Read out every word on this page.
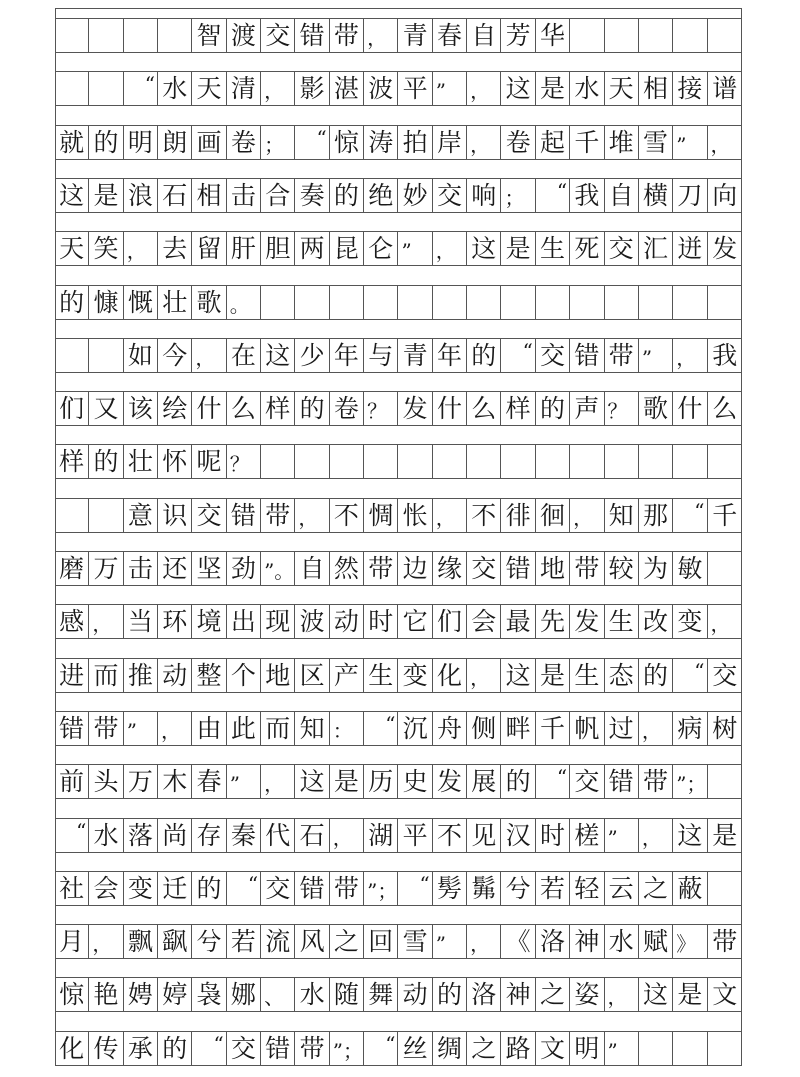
智 渡 交 错 带 ， 青 春 自 芳 华
“ 水 天 清 ， 影 湛 波 平 ”	， 这 是 水 天 相 接 谱
就 的 明 朗 画 卷 ；	“ 惊 涛 拍 岸 ， 卷 起 千 堆 雪 ”	，
这 是 浪 石 相 击 合 奏 的 绝 妙 交 响 ；	“ 我 自 横 刀 向
天 笑 ， 去 留 肝 胆 两 昆 仑 ”	， 这 是 生 死 交 汇 迸 发
的 慷 慨 壮 歌 。
如 今 ， 在 这 少 年 与 青 年 的	“ 交 错 带 ”	， 我
们 又 该 绘 什 么 样 的 卷 ？ 发 什 么 样 的 声 ？ 歌 什 么
样 的 壮 怀 呢 ？
意 识 交 错 带 ， 不 惆 怅 ， 不 徘 徊 ， 知 那	“ 千
磨 万 击 还 坚 劲 ”。 自 然 带 边 缘 交 错 地 带 较 为 敏
感 ， 当 环 境 出 现 波 动 时 它 们 会 最 先 发 生 改 变 ，
进 而 推 动 整 个 地 区 产 生 变 化 ， 这 是 生 态 的	“ 交
错 带 ”	， 由 此 而 知 ：	“ 沉 舟 侧 畔 千 帆 过 ， 病 树
前 头 万 木 春 ”	， 这 是 历 史 发 展 的	“ 交 错 带 ”；
“ 水 落 尚 存 秦 代 石 ， 湖 平 不 见 汉 时 槎 ”	， 这 是
社 会 变 迁 的	“ 交 错 带 ”；	“ 髣 髴 兮 若 轻 云 之 蔽
月 ， 飘 飖 兮 若 流 风 之 回 雪 ”	， 《 洛 神 水 赋 》 带
惊 艳 娉 婷 袅 娜 、 水 随 舞 动 的 洛 神 之 姿 ， 这 是 文
化 传 承 的	“ 交 错 带 ”；	“ 丝 绸 之 路 文 明 ”
